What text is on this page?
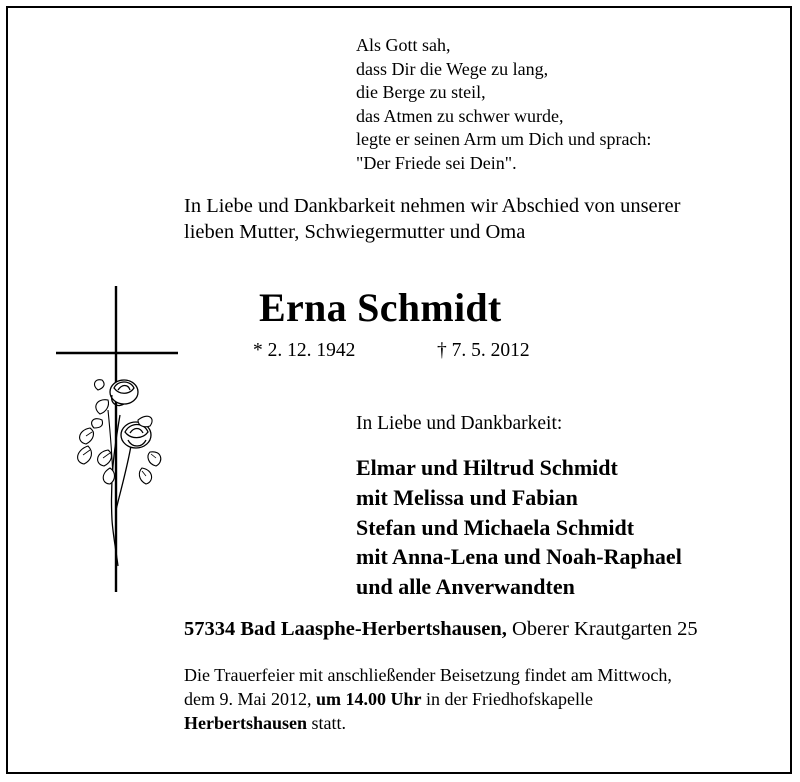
Als Gott sah,
dass Dir die Wege zu lang,
die Berge zu steil,
das Atmen zu schwer wurde,
legte er seinen Arm um Dich und sprach:
"Der Friede sei Dein".
In Liebe und Dankbarkeit nehmen wir Abschied von unserer
lieben Mutter, Schwiegermutter und Oma
Erna Schmidt
* 2. 12. 1942	† 7. 5. 2012
In Liebe und Dankbarkeit:
Elmar und Hiltrud Schmidt
mit Melissa und Fabian
Stefan und Michaela Schmidt
mit Anna-Lena und Noah-Raphael
und alle Anverwandten
57334 Bad Laasphe-Herbertshausen, Oberer Krautgarten 25
Die Trauerfeier mit anschließender Beisetzung findet am Mittwoch,
dem 9. Mai 2012, um 14.00 Uhr in der Friedhofskapelle
Herbertshausen statt.
